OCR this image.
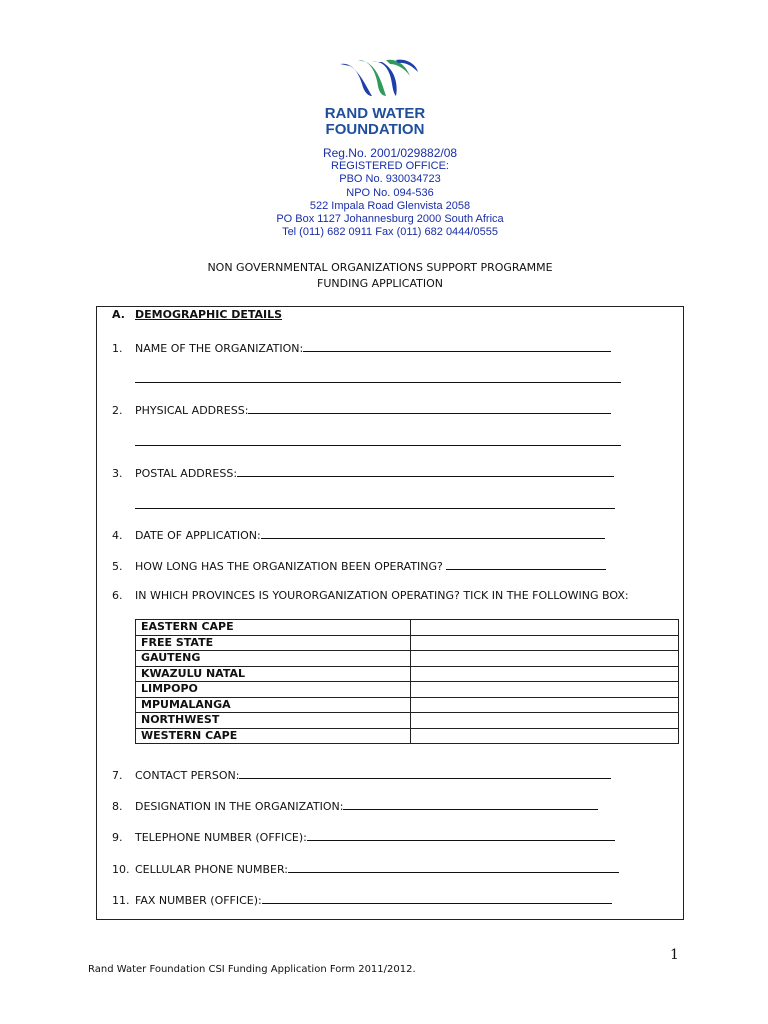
RAND WATER
FOUNDATION
Reg.No. 2001/029882/08
REGISTERED OFFICE:
PBO No. 930034723
NPO No. 094-536
522 Impala Road Glenvista 2058
PO Box 1127 Johannesburg 2000 South Africa
Tel (011) 682 0911 Fax (011) 682 0444/0555
NON GOVERNMENTAL ORGANIZATIONS SUPPORT PROGRAMME
FUNDING APPLICATION
A. DEMOGRAPHIC DETAILS
1. NAME OF THE ORGANIZATION:
2.PHYSICAL ADDRESS:
3. POSTAL ADDRESS:
4. DATE OF APPLICATION:
5. HOW LONG HAS THE ORGANIZATION BEEN OPERATING?
6. IN WHICH PROVINCES IS YOURORGANIZATION OPERATING? TICK IN THE FOLLOWING BOX:
EASTERN CAPE	
FREE STATE	
GAUTENG	
KWAZULU NATAL	
LIMPOPO	
MPUMALANGA	
NORTHWEST	
WESTERN CAPE	
7. CONTACT PERSON:
8. DESIGNATION IN THE ORGANIZATION:
9. TELEPHONE NUMBER (OFFICE):
10. CELLULAR PHONE NUMBER:
11. FAX NUMBER (OFFICE):
1
Rand Water Foundation CSI Funding Application Form 2011/2012.
